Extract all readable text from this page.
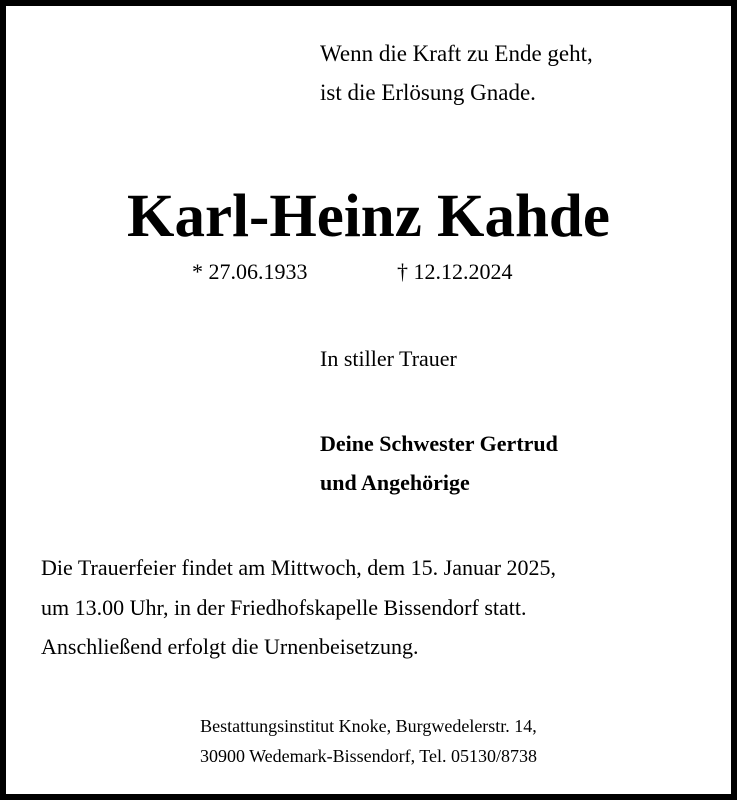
Wenn die Kraft zu Ende geht,
ist die Erlösung Gnade.
Karl-Heinz Kahde
* 27.06.1933	† 12.12.2024
In stiller Trauer
Deine Schwester Gertrud
und Angehörige
Die Trauerfeier findet am Mittwoch, dem 15. Januar 2025,
um 13.00 Uhr, in der Friedhofskapelle Bissendorf statt.
Anschließend erfolgt die Urnenbeisetzung.
Bestattungsinstitut Knoke, Burgwedelerstr. 14,
30900 Wedemark-Bissendorf, Tel. 05130/8738
